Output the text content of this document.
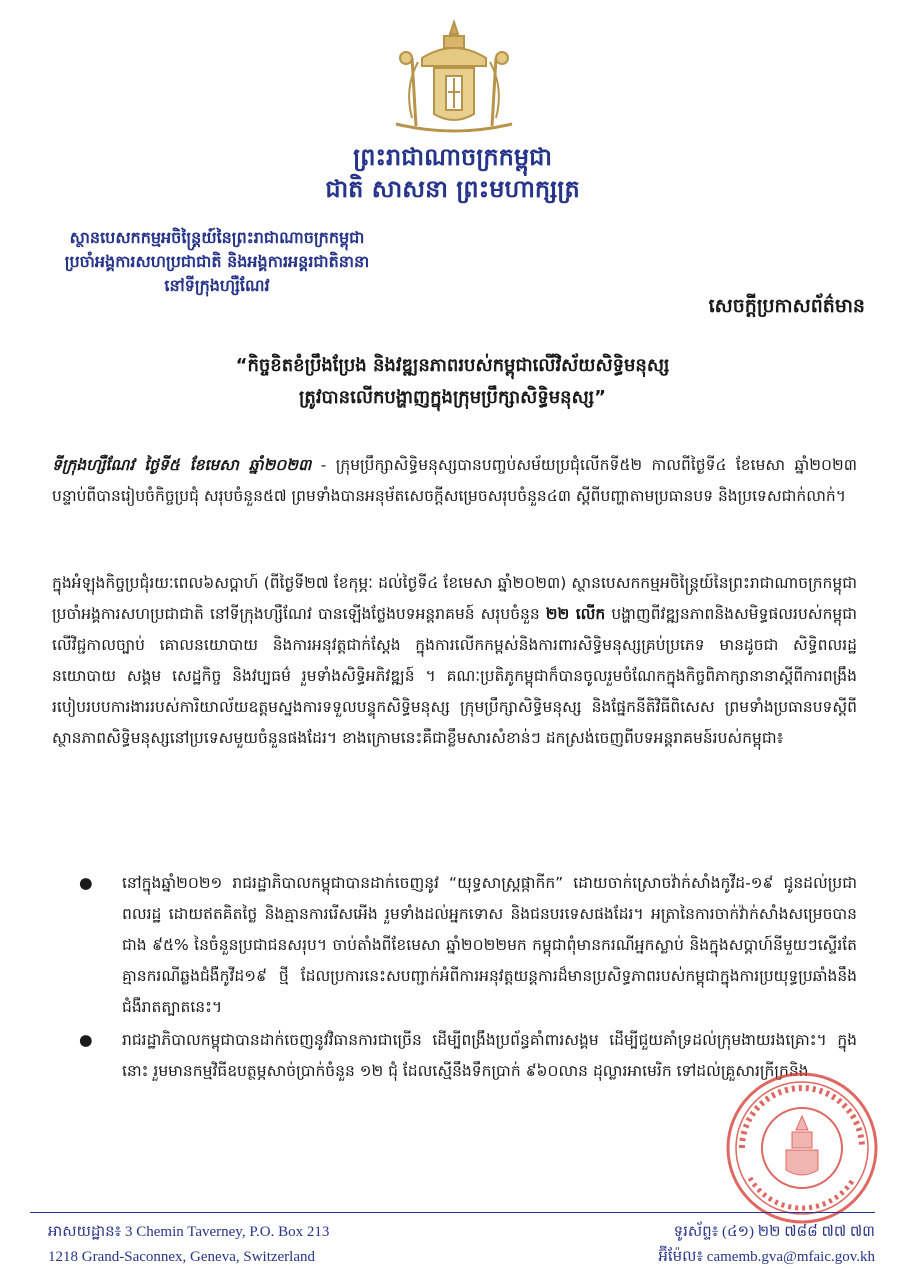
ព្រះរាជាណាចក្រកម្ពុជា
ជាតិ សាសនា ព្រះមហាក្សត្រ
ស្ថានបេសកកម្មអចិន្ត្រៃយ៍នៃព្រះរាជាណាចក្រកម្ពុជា
ប្រចាំអង្គការសហប្រជាជាតិ និងអង្គការអន្តរជាតិនានា
នៅទីក្រុងហ្សឺណែវ
សេចក្ដីប្រកាសព័ត៌មាន
“កិច្ចខិតខំប្រឹងប្រែង និងវឌ្ឍនភាពរបស់កម្ពុជាលើវិស័យសិទ្ធិមនុស្ស
ត្រូវបានលើកបង្ហាញក្នុងក្រុមប្រឹក្សាសិទ្ធិមនុស្ស”

ទីក្រុងហ្សឺណែវ ថ្ងៃទី៥ ខែមេសា ឆ្នាំ២០២៣ - ក្រុមប្រឹក្សាសិទ្ធិមនុស្សបានបញ្ចប់សម័យប្រជុំលើកទី៥២ កាលពីថ្ងៃទី៤ ខែមេសា ឆ្នាំ២០២៣ បន្ទាប់ពីបានរៀបចំកិច្ចប្រជុំ សរុបចំនួន៥៧ ព្រមទាំងបានអនុម័តសេចក្ដីសម្រេចសរុបចំនួន៤៣ ស្ដីពីបញ្ហាតាមប្រធានបទ និងប្រទេសជាក់លាក់។

ក្នុងអំឡុងកិច្ចប្រជុំរយៈពេល៦សប្ដាហ៍ (ពីថ្ងៃទី២៧ ខែកុម្ភៈ ដល់ថ្ងៃទី៤ ខែមេសា ឆ្នាំ២០២៣) ស្ថានបេសកកម្មអចិន្ត្រៃយ៍នៃព្រះរាជាណាចក្រកម្ពុជា ប្រចាំអង្គការសហប្រជាជាតិ នៅទីក្រុងហ្សឺណែវ បានឡើងថ្លែងបទអន្តរាគមន៍ សរុបចំនួន ២២ លើក បង្ហាញពីវឌ្ឍនភាពនិងសមិទ្ធផលរបស់កម្ពុជា លើវិជ្ជកាលច្បាប់ គោលនយោបាយ និងការអនុវត្តជាក់ស្ដែង ក្នុងការលើកកម្ពស់និងការពារសិទ្ធិមនុស្សគ្រប់ប្រភេទ មានដូចជា សិទ្ធិពលរដ្ឋ នយោបាយ សង្គម សេដ្ឋកិច្ច និងវប្បធម៌ រួមទាំងសិទ្ធិអភិវឌ្ឍន៍ ។ គណៈប្រតិភូកម្ពុជាក៏បានចូលរួមចំណែកក្នុងកិច្ចពិភាក្សានានាស្ដីពីការពង្រឹងរបៀបរបបការងាររបស់ការិយាល័យឧត្ដមស្នងការទទួលបន្ទុកសិទ្ធិមនុស្ស ក្រុមប្រឹក្សាសិទ្ធិមនុស្ស និងផ្នែកនីតិវិធីពិសេស ព្រមទាំងប្រធានបទស្ដីពីស្ថានភាពសិទ្ធិមនុស្សនៅប្រទេសមួយចំនួនផងដែរ។ ខាងក្រោមនេះគឺជាខ្លឹមសារសំខាន់ៗ ដកស្រង់ចេញពីបទអន្តរាគមន៍របស់កម្ពុជា៖

● នៅក្នុងឆ្នាំ២០២១ រាជរដ្ឋាភិបាលកម្ពុជាបានដាក់ចេញនូវ “យុទ្ធសាស្ត្រផ្កាកីក” ដោយចាក់ស្រោចវ៉ាក់សាំងកូវីដ-១៩ ជូនដល់ប្រជាពលរដ្ឋ ដោយឥតគិតថ្លៃ និងគ្មានការរើសអើង រួមទាំងដល់អ្នកទោស និងជនបរទេសផងដែរ។ អត្រានៃការចាក់វ៉ាក់សាំងសម្រេចបានជាង ៩៥% នៃចំនួនប្រជាជនសរុប។ ចាប់តាំងពីខែមេសា ឆ្នាំ២០២២មក កម្ពុជាពុំមានករណីអ្នកស្លាប់ និងក្នុងសប្ដាហ៍នីមួយៗស្ទើរតែគ្មានករណីឆ្លងជំងឺកូវីដ១៩ ថ្មី ដែលប្រការនេះសបញ្ជាក់អំពីការអនុវត្តយន្តការដ៏មានប្រសិទ្ធភាពរបស់កម្ពុជាក្នុងការប្រយុទ្ធប្រឆាំងនឹងជំងឺរាតត្បាតនេះ។
● រាជរដ្ឋាភិបាលកម្ពុជាបានដាក់ចេញនូវវិធានការជាច្រើន ដើម្បីពង្រឹងប្រព័ន្ធគាំពារសង្គម ដើម្បីជួយគាំទ្រដល់ក្រុមងាយរងគ្រោះ។ ក្នុងនោះ រួមមានកម្មវិធីឧបត្ថម្ភសាច់ប្រាក់ចំនួន ១២ ជុំ ដែលស្មើនឹងទឹកប្រាក់ ៩៦០លាន ដុល្លារអាមេរិក ទៅដល់គ្រួសារក្រីក្រនិង
អាសយដ្ឋាន៖ 3 Chemin Taverney, P.O. Box 213
1218 Grand-Saconnex, Geneva, Switzerland
ទូរស័ព្ទ៖ (៤១) ២២ ៧៨៨ ៧៧ ៧៣
អ៊ីម៉ែល៖ camemb.gva@mfaic.gov.kh
